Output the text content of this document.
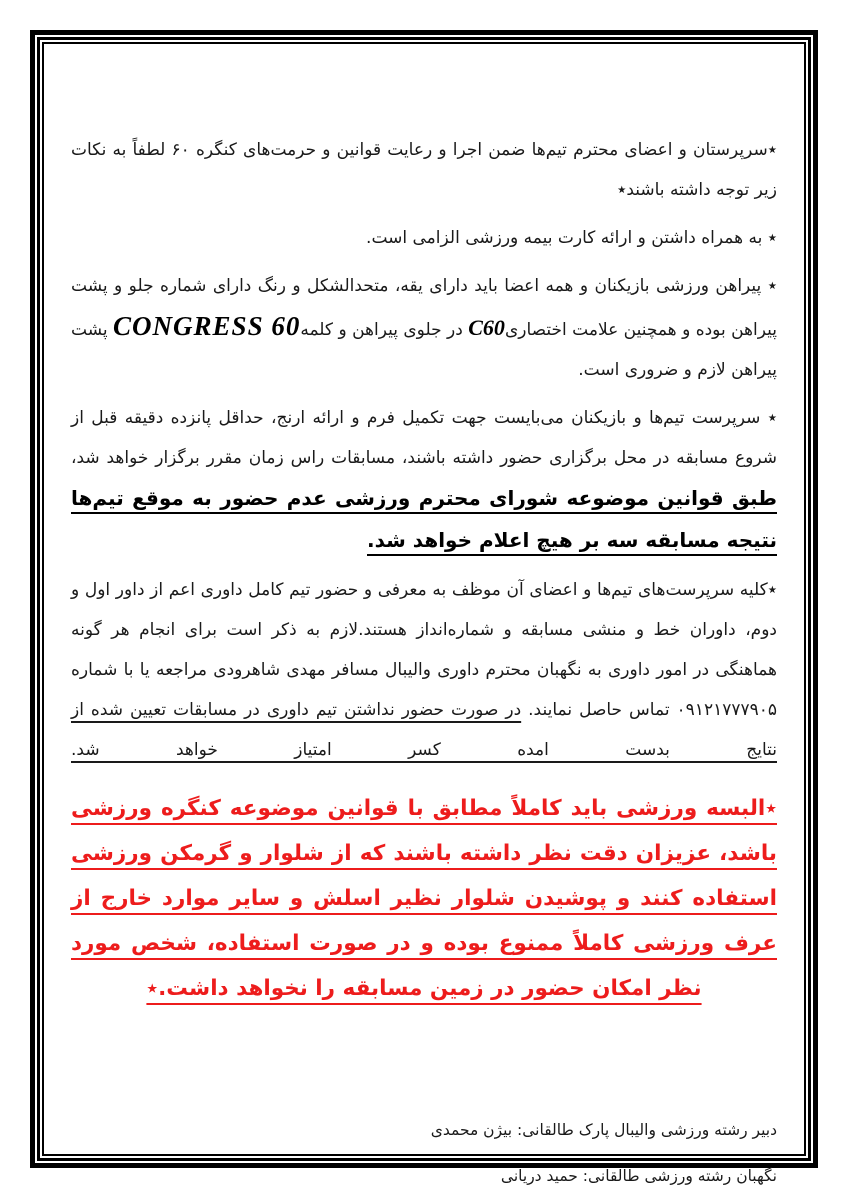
٭سرپرستان و اعضای محترم تیم‌ها ضمن اجرا و رعایت قوانین و حرمت‌های کنگره ۶۰ لطفاً به نکات زیر توجه داشته باشند٭

٭ به همراه داشتن و ارائه کارت بیمه ورزشی الزامی است.

٭ پیراهن ورزشی بازیکنان و همه اعضا باید دارای یقه، متحدالشکل و رنگ دارای شماره جلو و پشت پیراهن بوده و همچنین علامت اختصاریC60 در جلوی پیراهن و کلمهCONGRESS 60 پشت پیراهن لازم و ضروری است.

٭ سرپرست تیم‌ها و بازیکنان می‌بایست جهت تکمیل فرم و ارائه ارنج، حداقل پانزده دقیقه قبل از شروع مسابقه در محل برگزاری حضور داشته باشند، مسابقات راس زمان مقرر برگزار خواهد شد، طبق قوانین موضوعه شورای محترم ورزشی عدم حضور به موقع تیم‌ها نتیجه مسابقه سه بر هیچ اعلام خواهد شد.

٭کلیه سرپرست‌های تیم‌ها و اعضای آن موظف به معرفی و حضور تیم کامل داوری اعم از داور اول و دوم، داوران خط و منشی مسابقه و شماره‌انداز هستند.لازم به ذکر است برای انجام هر گونه هماهنگی در امور داوری به نگهبان محترم داوری والیبال مسافر مهدی شاهرودی مراجعه یا با شماره ۰۹۱۲۱۷۷۷۹۰۵ تماس حاصل نمایند. در صورت حضور نداشتن تیم داوری در مسابقات تعیین شده از نتایج بدست امده کسر امتیاز خواهد شد.

٭البسه ورزشی باید کاملاً مطابق با قوانین موضوعه کنگره ورزشی باشد، عزیزان دقت نظر داشته باشند که از شلوار و گرمکن ورزشی استفاده کنند و پوشیدن شلوار نظیر اسلش و سایر موارد خارج از عرف ورزشی کاملاً ممنوع بوده و در صورت استفاده، شخص مورد نظر امکان حضور در زمین مسابقه را نخواهد داشت.٭

دبیر رشته ورزشی والیبال پارک طالقانی: بیژن محمدی

نگهبان رشته ورزشی طالقانی: حمید دریانی
